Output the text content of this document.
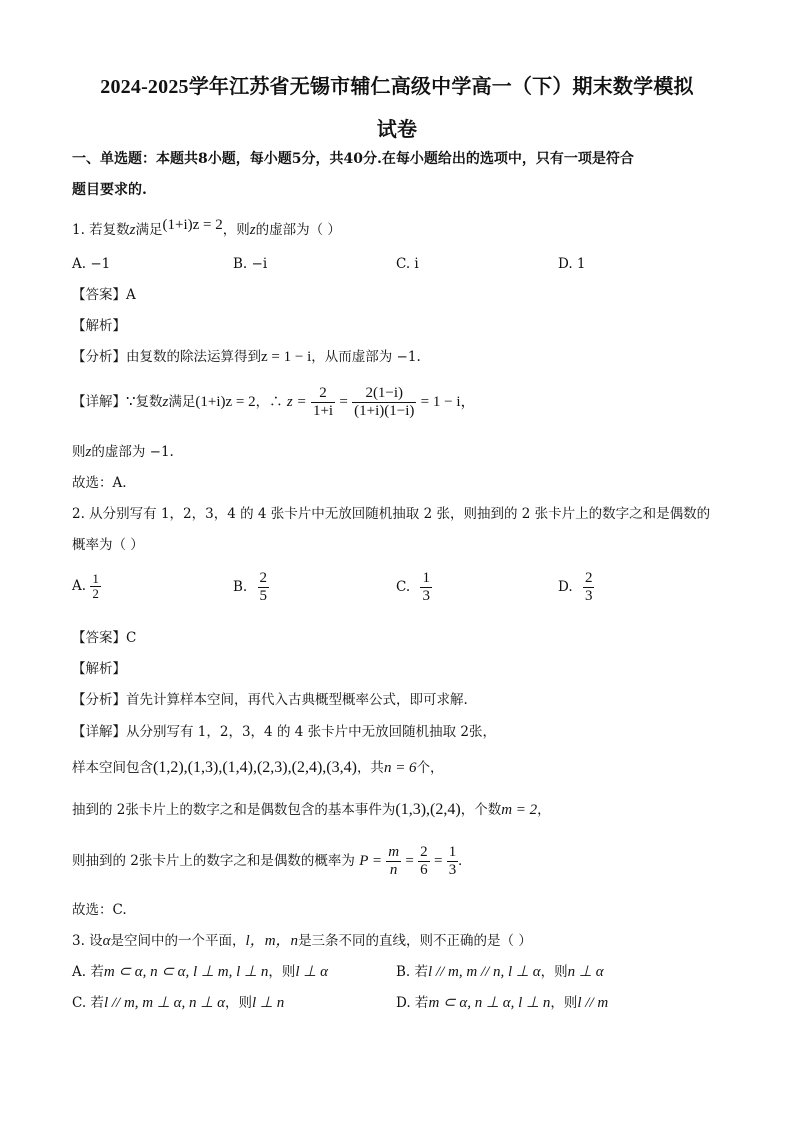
2024-2025学年江苏省无锡市辅仁高级中学高一（下）期末数学模拟
试卷
一、单选题：本题共8小题，每小题5分，共40分.在每小题给出的选项中，只有一项是符合
题目要求的.
1. 若复数z满足(1+i)z = 2，则z的虚部为（ ）
A. −1	B. −i	C. i	D. 1
【答案】A
【解析】
【分析】由复数的除法运算得到z = 1 − i，从而虚部为 −1.
【详解】∵复数z满足(1+i)z = 2，∴ $z = \frac{2}{1+i} = \frac{2(1-i)}{(1+i)(1-i)} = 1 - i$，
则z的虚部为 −1.
故选：A.
2. 从分别写有 1，2，3，4 的 4 张卡片中无放回随机抽取 2 张，则抽到的 2 张卡片上的数字之和是偶数的
概率为（ ）
A. $\frac{1}{2}$	B. $\frac{2}{5}$	C. $\frac{1}{3}$	D. $\frac{2}{3}$
【答案】C
【解析】
【分析】首先计算样本空间，再代入古典概型概率公式，即可求解.
【详解】从分别写有 1，2，3，4 的 4 张卡片中无放回随机抽取 2张，
样本空间包含(1,2),(1,3),(1,4),(2,3),(2,4),(3,4)，共n = 6个，
抽到的 2张卡片上的数字之和是偶数包含的基本事件为(1,3),(2,4)，个数m = 2，
则抽到的 2张卡片上的数字之和是偶数的概率为 $P = \frac{m}{n} = \frac{2}{6} = \frac{1}{3}$ .
故选：C.
3. 设α是空间中的一个平面，l，m，n是三条不同的直线，则不正确的是（ ）
A. 若m ⊂ α, n ⊂ α, l ⊥ m, l ⊥ n，则l ⊥ α	B. 若l // m, m // n, l ⊥ α，则n ⊥ α
C. 若l // m, m ⊥ α, n ⊥ α，则l ⊥ n	D. 若m ⊂ α, n ⊥ α, l ⊥ n，则l // m
